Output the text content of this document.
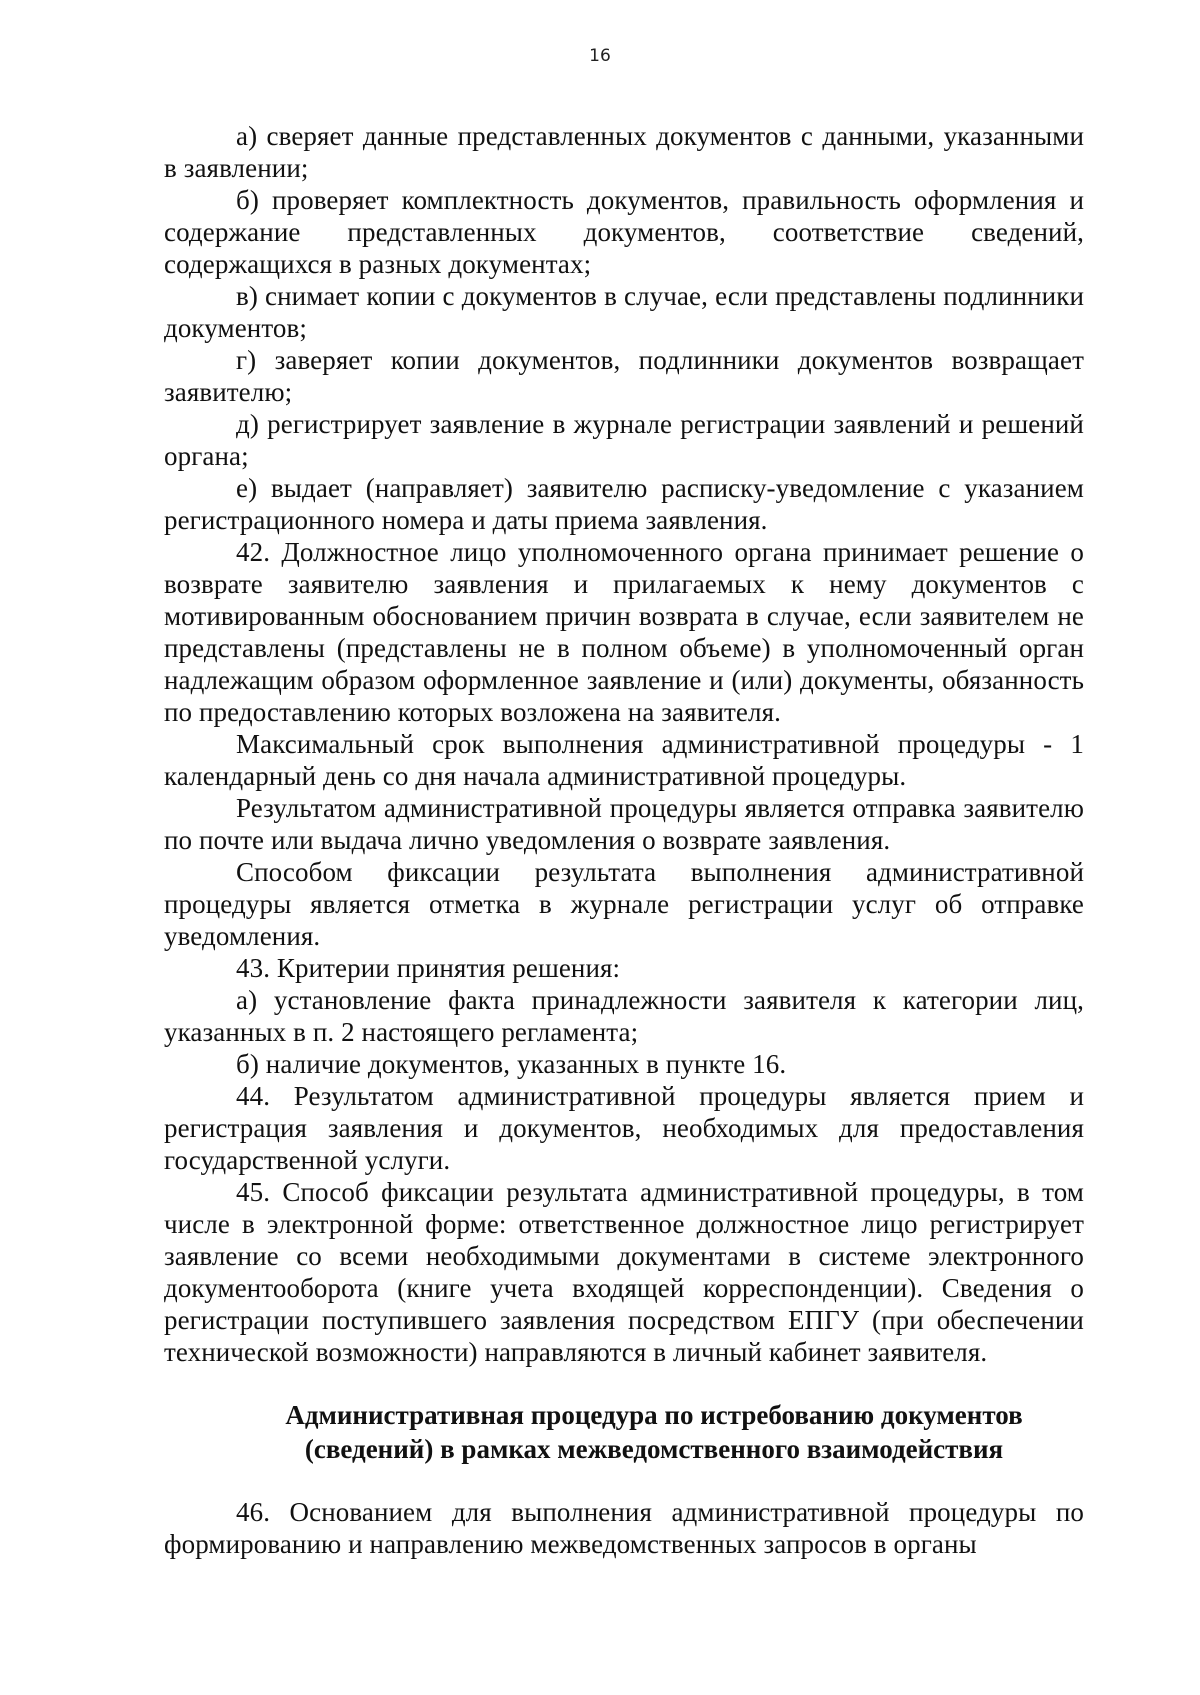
16

а) сверяет данные представленных документов с данными, указанными в заявлении;

б) проверяет комплектность документов, правильность оформления и содержание представленных документов, соответствие сведений, содержащихся в разных документах;

в) снимает копии с документов в случае, если представлены подлинники документов;

г) заверяет копии документов, подлинники документов возвращает заявителю;

д) регистрирует заявление в журнале регистрации заявлений и решений органа;

е) выдает (направляет) заявителю расписку-уведомление с указанием регистрационного номера и даты приема заявления.

42. Должностное лицо уполномоченного органа принимает решение о возврате заявителю заявления и прилагаемых к нему документов с мотивированным обоснованием причин возврата в случае, если заявителем не представлены (представлены не в полном объеме) в уполномоченный орган надлежащим образом оформленное заявление и (или) документы, обязанность по предоставлению которых возложена на заявителя.

Максимальный срок выполнения административной процедуры - 1 календарный день со дня начала административной процедуры.

Результатом административной процедуры является отправка заявителю по почте или выдача лично уведомления о возврате заявления.

Способом фиксации результата выполнения административной процедуры является отметка в журнале регистрации услуг об отправке уведомления.

43. Критерии принятия решения:

а) установление факта принадлежности заявителя к категории лиц, указанных в п. 2 настоящего регламента;

б) наличие документов, указанных в пункте 16.

44. Результатом административной процедуры является прием и регистрация заявления и документов, необходимых для предоставления государственной услуги.

45. Способ фиксации результата административной процедуры, в том числе в электронной форме: ответственное должностное лицо регистрирует заявление со всеми необходимыми документами в системе электронного документооборота (книге учета входящей корреспонденции). Сведения о регистрации поступившего заявления посредством ЕПГУ (при обеспечении технической возможности) направляются в личный кабинет заявителя.

Административная процедура по истребованию документов
(сведений) в рамках межведомственного взаимодействия

46. Основанием для выполнения административной процедуры по формированию и направлению межведомственных запросов в органы
